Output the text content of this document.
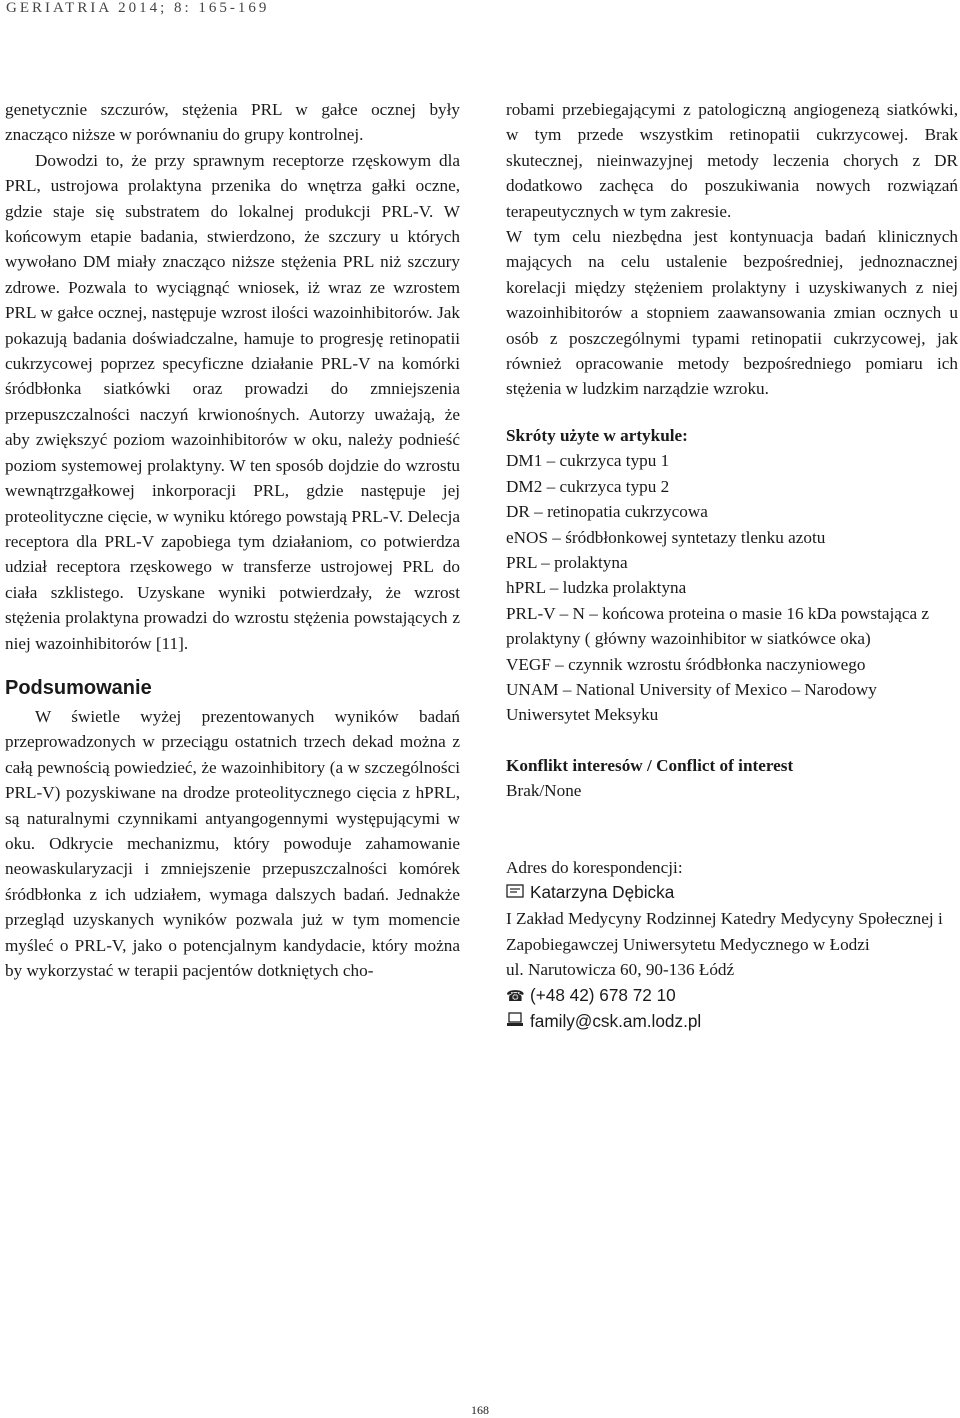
GERIATRIA 2014; 8: 165-169

genetycznie szczurów, stężenia PRL w gałce ocznej były znacząco niższe w porównaniu do grupy kontrolnej.

Dowodzi to, że przy sprawnym receptorze rzęskowym dla PRL, ustrojowa prolaktyna przenika do wnętrza gałki oczne, gdzie staje się substratem do lokalnej produkcji PRL-V. W końcowym etapie badania, stwierdzono, że szczury u których wywołano DM miały znacząco niższe stężenia PRL niż szczury zdrowe. Pozwala to wyciągnąć wniosek, iż wraz ze wzrostem PRL w gałce ocznej, następuje wzrost ilości wazoinhibitorów. Jak pokazują badania doświadczalne, hamuje to progresję retinopatii cukrzycowej poprzez specyficzne działanie PRL-V na komórki śródbłonka siatkówki oraz prowadzi do zmniejszenia przepuszczalności naczyń krwionośnych. Autorzy uważają, że aby zwiększyć poziom wazoinhibitorów w oku, należy podnieść poziom systemowej prolaktyny. W ten sposób dojdzie do wzrostu wewnątrzgałkowej inkorporacji PRL, gdzie następuje jej proteolityczne cięcie, w wyniku którego powstają PRL-V. Delecja receptora dla PRL-V zapobiega tym działaniom, co potwierdza udział receptora rzęskowego w transferze ustrojowej PRL do ciała szklistego. Uzyskane wyniki potwierdzały, że wzrost stężenia prolaktyna prowadzi do wzrostu stężenia powstających z niej wazoinhibitorów [11].

Podsumowanie

W świetle wyżej prezentowanych wyników badań przeprowadzonych w przeciągu ostatnich trzech dekad można z całą pewnością powiedzieć, że wazoinhibitory (a w szczególności PRL-V) pozyskiwane na drodze proteolitycznego cięcia z hPRL, są naturalnymi czynnikami antyangogennymi występującymi w oku. Odkrycie mechanizmu, który powoduje zahamowanie neowaskularyzacji i zmniejszenie przepuszczalności komórek śródbłonka z ich udziałem, wymaga dalszych badań. Jednakże przegląd uzyskanych wyników pozwala już w tym momencie myśleć o PRL-V, jako o potencjalnym kandydacie, który można by wykorzystać w terapii pacjentów dotkniętych cho-

robami przebiegającymi z patologiczną angiogenezą siatkówki, w tym przede wszystkim retinopatii cukrzycowej. Brak skutecznej, nieinwazyjnej metody leczenia chorych z DR dodatkowo zachęca do poszukiwania nowych rozwiązań terapeutycznych w tym zakresie.

W tym celu niezbędna jest kontynuacja badań klinicznych mających na celu ustalenie bezpośredniej, jednoznacznej korelacji między stężeniem prolaktyny i uzyskiwanych z niej wazoinhibitorów a stopniem zaawansowania zmian ocznych u osób z poszczególnymi typami retinopatii cukrzycowej, jak również opracowanie metody bezpośredniego pomiaru ich stężenia w ludzkim narządzie wzroku.

Skróty użyte w artykule:

DM1 – cukrzyca typu 1
DM2 – cukrzyca typu 2
DR – retinopatia cukrzycowa
eNOS – śródbłonkowej syntetazy tlenku azotu
PRL – prolaktyna
hPRL – ludzka prolaktyna
PRL-V – N – końcowa proteina o masie 16 kDa powstająca z prolaktyny ( główny wazoinhibitor w siatkówce oka)
VEGF – czynnik wzrostu śródbłonka naczyniowego
UNAM – National University of Mexico – Narodowy Uniwersytet Meksyku

Konflikt interesów / Conflict of interest

Brak/None

Adres do korespondencji:

Katarzyna Dębicka
I Zakład Medycyny Rodzinnej Katedry Medycyny Społecznej i Zapobiegawczej Uniwersytetu Medycznego w Łodzi
ul. Narutowicza 60, 90-136 Łódź
☎ (+48 42) 678 72 10
family@csk.am.lodz.pl
168
